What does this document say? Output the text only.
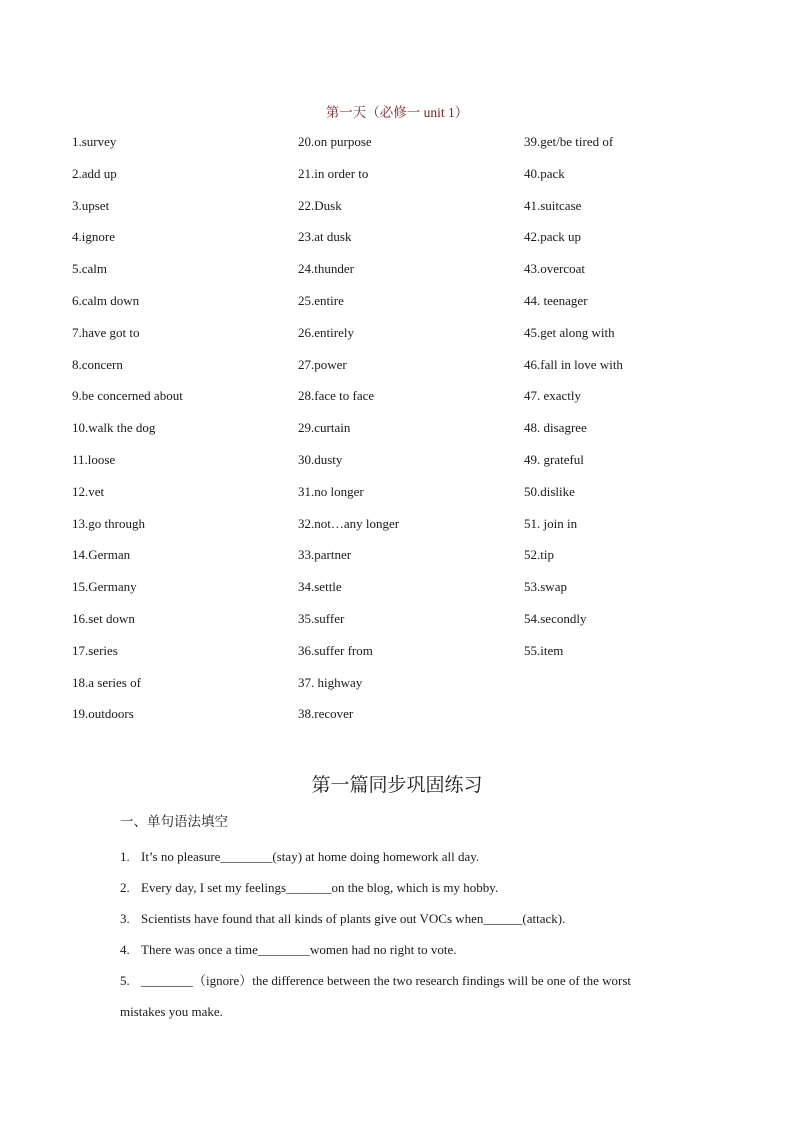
第一天（必修一 unit 1）
1.survey
2.add up
3.upset
4.ignore
5.calm
6.calm down
7.have got to
8.concern
9.be concerned about
10.walk the dog
11.loose
12.vet
13.go through
14.German
15.Germany
16.set down
17.series
18.a series of
19.outdoors
20.on purpose
21.in order to
22.Dusk
23.at dusk
24.thunder
25.entire
26.entirely
27.power
28.face to face
29.curtain
30.dusty
31.no longer
32.not…any longer
33.partner
34.settle
35.suffer
36.suffer from
37. highway
38.recover
39.get/be tired of
40.pack
41.suitcase
42.pack up
43.overcoat
44. teenager
45.get along with
46.fall in love with
47. exactly
48. disagree
49. grateful
50.dislike
51. join in
52.tip
53.swap
54.secondly
55.item
第一篇同步巩固练习
一、单句语法填空
1. It’s no pleasure________(stay) at home doing homework all day.
2. Every day, I set my feelings_______on the blog, which is my hobby.
3. Scientists have found that all kinds of plants give out VOCs when______(attack).
4. There was once a time________women had no right to vote.
5. ________（ignore）the difference between the two research findings will be one of the worst
mistakes you make.
